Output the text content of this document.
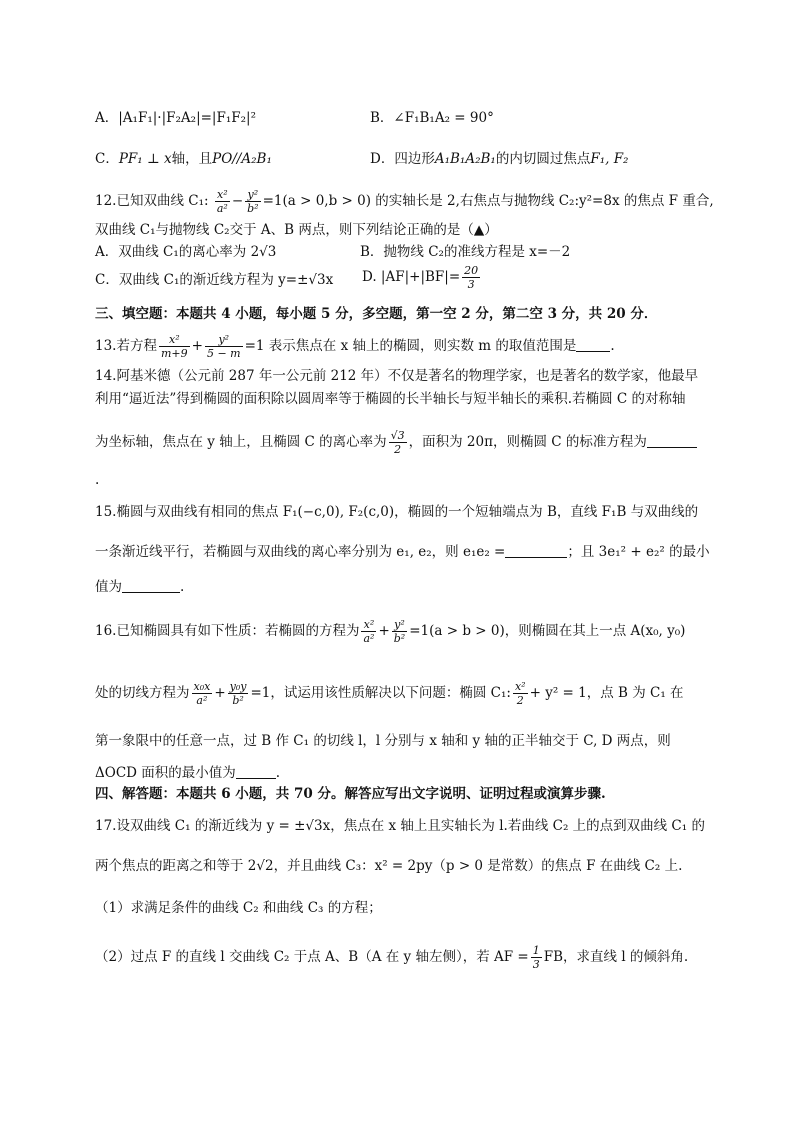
A．|A₁F₁|·|F₂A₂|=|F₁F₂|²	B．∠F₁B₁A₂ = 90°
C．PF₁ ⊥ x轴，且PO//A₂B₁	D．四边形A₁B₁A₂B₁的内切圆过焦点F₁, F₂
12.已知双曲线 C₁: $\frac{\text{x²}}{\text{a²}} - \frac{\text{y²}}{\text{b²}} =1(a > 0,b > 0)$ 的实轴长是 2,右焦点与抛物线 C₂:y²=8x 的焦点 F 重合,
双曲线 C₁与抛物线 C₂交于 A、B 两点，则下列结论正确的是（▲）
A．双曲线 C₁的离心率为 2√3	B．抛物线 C₂的准线方程是 x=－2
C．双曲线 C₁的渐近线方程为 y=±√3x D. $|AF|+|BF|= \frac{20}{3}$
三、填空题：本题共 4 小题，每小题 5 分，多空题，第一空 2 分，第二空 3 分，共 20 分．
13.若方程 $\frac{\text{x²}}{m+9} + \frac{\text{y²}}{5 - m} =1$ 表示焦点在 x 轴上的椭圆，则实数 m 的取值范围是	.
14.阿基米德（公元前 287 年一公元前 212 年）不仅是著名的物理学家，也是著名的数学家，他最早
利用“逼近法”得到椭圆的面积除以圆周率等于椭圆的长半轴长与短半轴长的乘积.若椭圆 C 的对称轴
为坐标轴，焦点在 y 轴上，且椭圆 C 的离心率为 $\frac{√3}{2}$ ，面积为 20π，则椭圆 C 的标准方程为
.
15.椭圆与双曲线有相同的焦点 F₁(−c,0), F₂(c,0)，椭圆的一个短轴端点为 B，直线 F₁B 与双曲线的
一条渐近线平行，若椭圆与双曲线的离心率分别为 e₁, e₂，则 e₁e₂ =	；且 3e₁² + e₂² 的最小
值为	.
16.已知椭圆具有如下性质：若椭圆的方程为 $\frac{\text{x²}}{\text{a²}} + \frac{\text{y²}}{\text{b²}} =1(a > b > 0)$，则椭圆在其上一点 A(x₀, y₀)
处的切线方程为 $\frac{\text{x₀x}}{\text{a²}} + \frac{\text{y₀y}}{\text{b²}} =1$，试运用该性质解决以下问题：椭圆 C₁: $\frac{\text{x²}}{2} + y^2 = 1$，点 B 为 C₁ 在
第一象限中的任意一点，过 B 作 C₁ 的切线 l，l 分别与 x 轴和 y 轴的正半轴交于 C, D 两点，则
ΔOCD 面积的最小值为	.
四、解答题：本题共 6 小题，共 70 分。解答应写出文字说明、证明过程或演算步骤.
17.设双曲线 C₁ 的渐近线为 y = ±√3x，焦点在 x 轴上且实轴长为 l.若曲线 C₂ 上的点到双曲线 C₁ 的
两个焦点的距离之和等于 2√2，并且曲线 C₃：x² = 2py（p > 0 是常数）的焦点 F 在曲线 C₂ 上.
（1）求满足条件的曲线 C₂ 和曲线 C₃ 的方程；
（2）过点 F 的直线 l 交曲线 C₂ 于点 A、B（A 在 y 轴左侧），若 AF = $\frac{1}{3}$ FB，求直线 l 的倾斜角.
